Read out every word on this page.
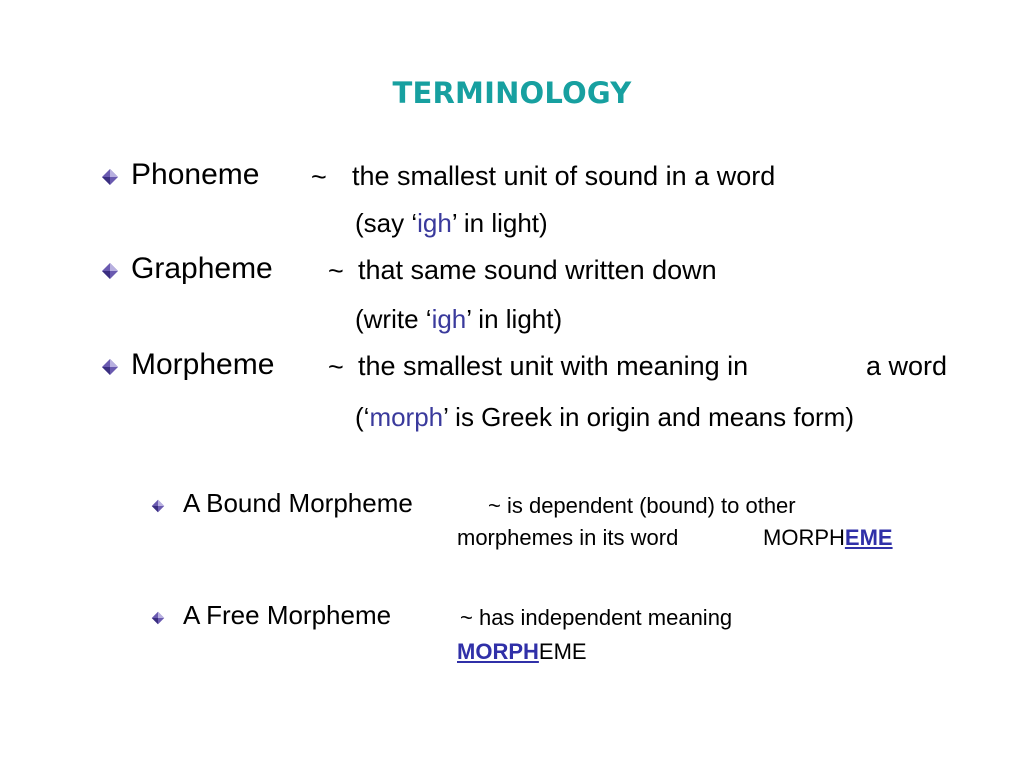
TERMINOLOGY
Phoneme ~ the smallest unit of sound in a word
(say ‘igh’ in light)
Grapheme ~ that same sound written down
(write ‘igh’ in light)
Morpheme ~ the smallest unit with meaning in	a word
(‘morph’ is Greek in origin and means form)
A Bound Morpheme	~ is dependent (bound) to other
morphemes in its word	MORPHEME
A Free Morpheme	~ has independent meaning
MORPHEME
